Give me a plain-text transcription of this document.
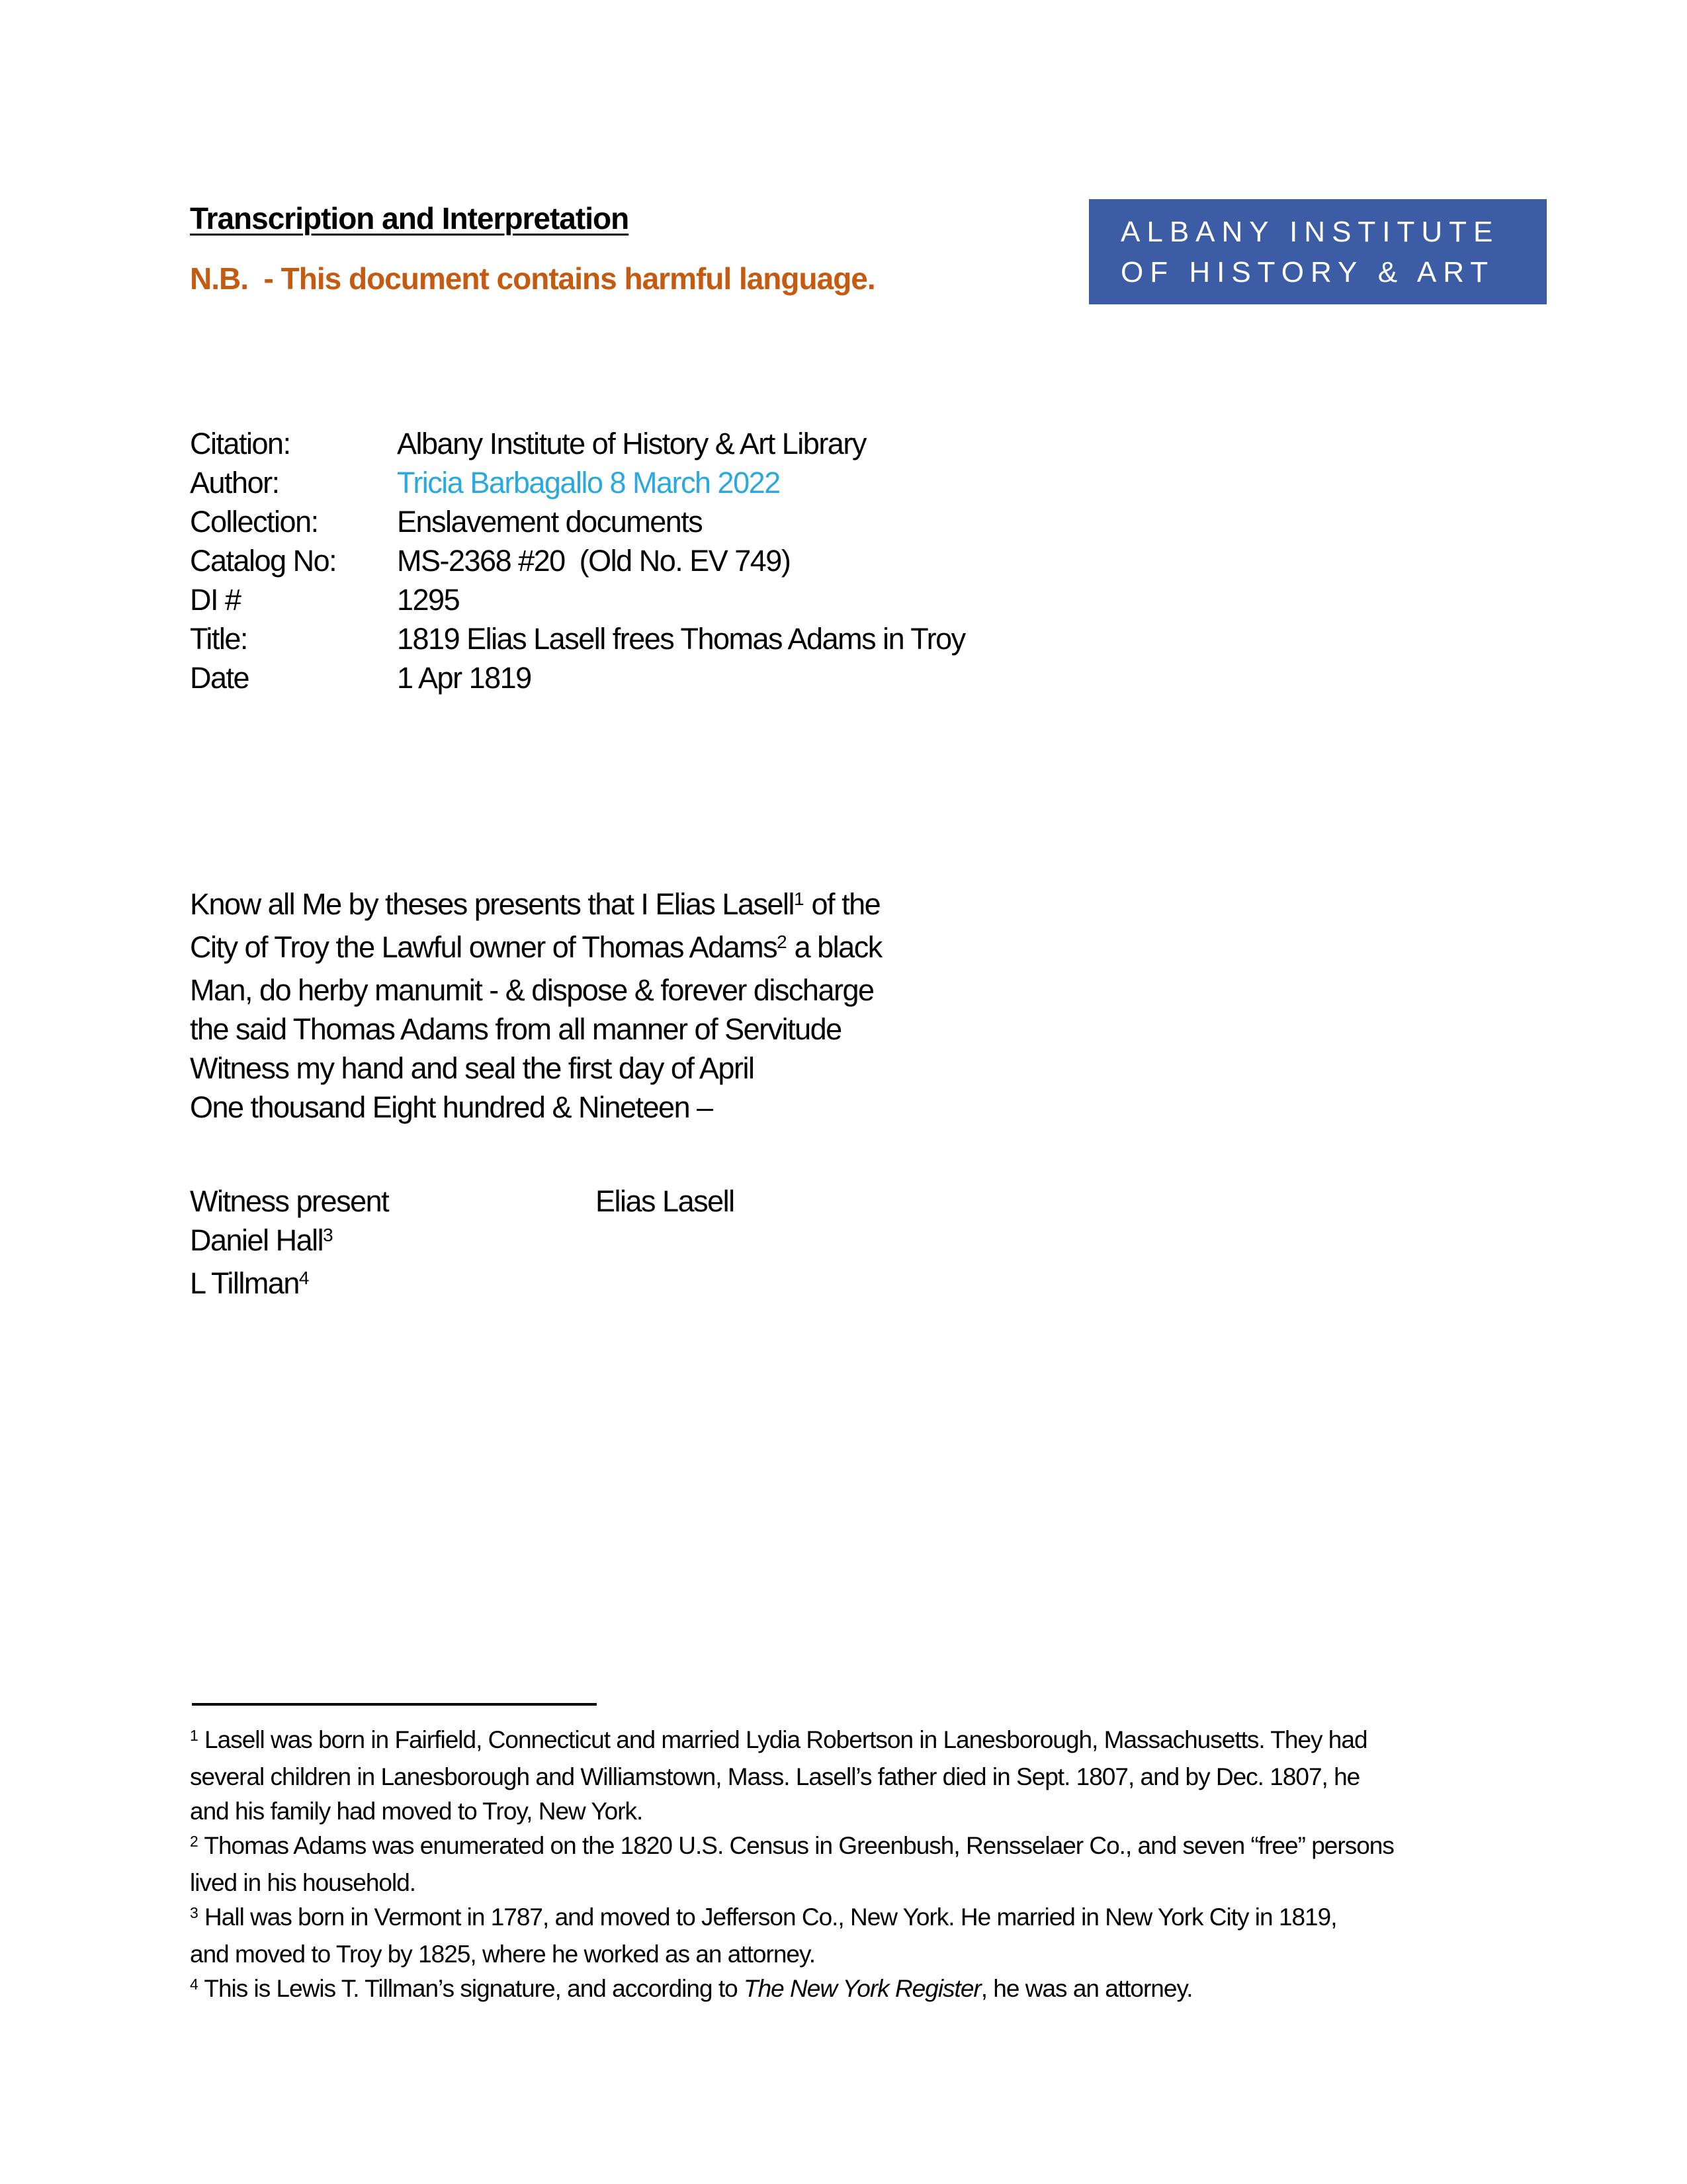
Transcription and Interpretation
N.B.  - This document contains harmful language.
ALBANY INSTITUTE
OF HISTORY & ART
Citation:	Albany Institute of History & Art Library
Author:	Tricia Barbagallo 8 March 2022
Collection:	Enslavement documents
Catalog No: MS-2368 #20  (Old No. EV 749)
DI #	1295
Title:	1819 Elias Lasell frees Thomas Adams in Troy
Date	1 Apr 1819
Know all Me by theses presents that I Elias Lasell$^1$ of the
City of Troy the Lawful owner of Thomas Adams$^2$ a black
Man, do herby manumit - & dispose & forever discharge
the said Thomas Adams from all manner of Servitude
Witness my hand and seal the first day of April
One thousand Eight hundred & Nineteen –
Witness present
Daniel Hall$^3$
L Tillman$^4$
Elias Lasell
$^1$ Lasell was born in Fairfield, Connecticut and married Lydia Robertson in Lanesborough, Massachusetts. They had
several children in Lanesborough and Williamstown, Mass. Lasell’s father died in Sept. 1807, and by Dec. 1807, he
and his family had moved to Troy, New York.
$^2$ Thomas Adams was enumerated on the 1820 U.S. Census in Greenbush, Rensselaer Co., and seven “free” persons
lived in his household.
$^3$ Hall was born in Vermont in 1787, and moved to Jefferson Co., New York. He married in New York City in 1819,
and moved to Troy by 1825, where he worked as an attorney.
$^4$ This is Lewis T. Tillman’s signature, and according to The New York Register, he was an attorney.
